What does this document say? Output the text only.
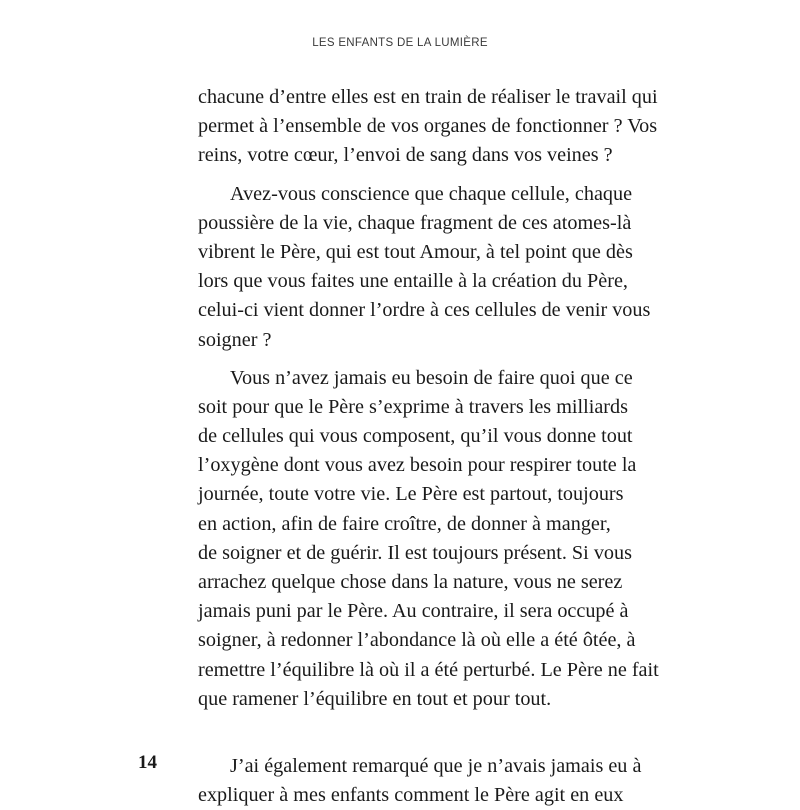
LES ENFANTS DE LA LUMIÈRE
chacune d’entre elles est en train de réaliser le travail qui
permet à l’ensemble de vos organes de fonctionner ? Vos
reins, votre cœur, l’envoi de sang dans vos veines ?
Avez-vous conscience que chaque cellule, chaque
poussière de la vie, chaque fragment de ces atomes-là
vibrent le Père, qui est tout Amour, à tel point que dès
lors que vous faites une entaille à la création du Père,
celui-ci vient donner l’ordre à ces cellules de venir vous
soigner ?
Vous n’avez jamais eu besoin de faire quoi que ce
soit pour que le Père s’exprime à travers les milliards
de cellules qui vous composent, qu’il vous donne tout
l’oxygène dont vous avez besoin pour respirer toute la
journée, toute votre vie. Le Père est partout, toujours
en action, afin de faire croître, de donner à manger,
de soigner et de guérir. Il est toujours présent. Si vous
arrachez quelque chose dans la nature, vous ne serez
jamais puni par le Père. Au contraire, il sera occupé à
soigner, à redonner l’abondance là où elle a été ôtée, à
remettre l’équilibre là où il a été perturbé. Le Père ne fait
que ramener l’équilibre en tout et pour tout.
J’ai également remarqué que je n’avais jamais eu à
expliquer à mes enfants comment le Père agit en eux
14
